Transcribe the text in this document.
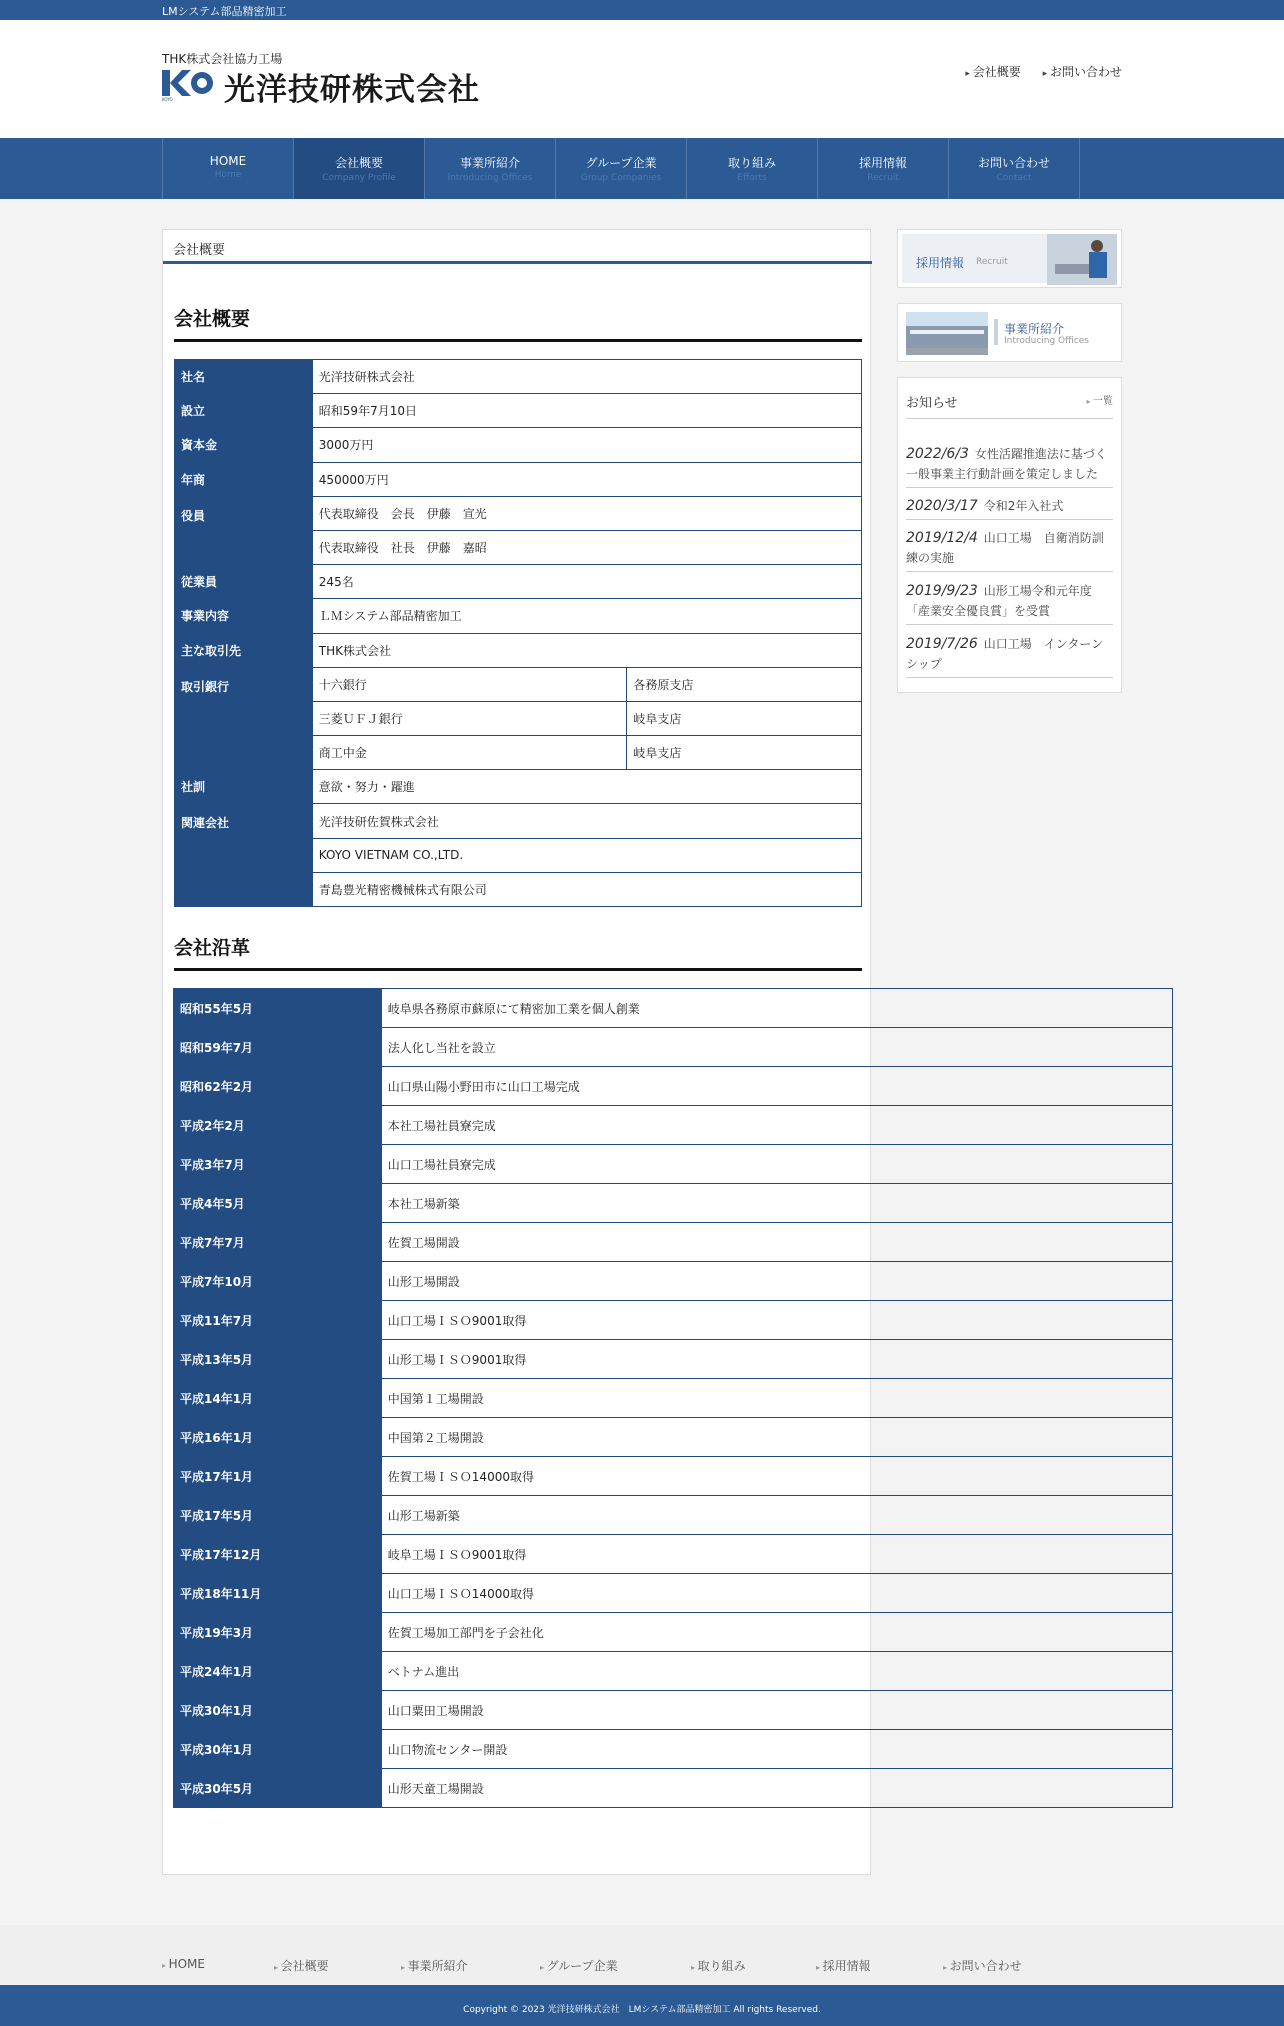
LMシステム部品精密加工
THK株式会社協力工場
KOYO 光洋技研株式会社	▸ 会社概要 ▸ お問い合わせ
HOME
Home
会社概要
Company Profile
事業所紹介
Introducing Offices
グループ企業
Group Companies
取り組み
Efforts
採用情報
Recruit
お問い合わせ
Contact
会社概要
会社概要
社名	光洋技研株式会社	
設立	昭和59年7月10日	
資本金	3000万円	
年商	450000万円	
役員	代表取締役　会長　伊藤　宣光	
	代表取締役　社長　伊藤　嘉昭	
従業員	245名	
事業内容	ＬＭシステム部品精密加工	
主な取引先	THK株式会社	
取引銀行	十六銀行	各務原支店
	三菱ＵＦＪ銀行	岐阜支店
	商工中金	岐阜支店
社訓	意欲・努力・躍進	
関連会社	光洋技研佐賀株式会社	
	KOYO VIETNAM CO.,LTD.	
	青島豊光精密機械株式有限公司	
会社沿革
昭和55年5月	岐阜県各務原市蘇原にて精密加工業を個人創業
昭和59年7月	法人化し当社を設立
昭和62年2月	山口県山陽小野田市に山口工場完成
平成2年2月	本社工場社員寮完成
平成3年7月	山口工場社員寮完成
平成4年5月	本社工場新築
平成7年7月	佐賀工場開設
平成7年10月	山形工場開設
平成11年7月	山口工場ＩＳＯ9001取得
平成13年5月	山形工場ＩＳＯ9001取得
平成14年1月	中国第１工場開設
平成16年1月	中国第２工場開設
平成17年1月	佐賀工場ＩＳＯ14000取得
平成17年5月	山形工場新築
平成17年12月	岐阜工場ＩＳＯ9001取得
平成18年11月	山口工場ＩＳＯ14000取得
平成19年3月	佐賀工場加工部門を子会社化
平成24年1月	ベトナム進出
平成30年1月	山口粟田工場開設
平成30年1月	山口物流センター開設
平成30年5月	山形天童工場開設
採用情報 Recruit
事業所紹介
Introducing Offices
お知らせ	▸ 一覧
2022/6/3 女性活躍推進法に基づく一般事業主行動計画を策定しました
2020/3/17 令和2年入社式
2019/12/4 山口工場　自衛消防訓練の実施
2019/9/23 山形工場令和元年度「産業安全優良賞」を受賞
2019/7/26 山口工場　インターンシップ
▸ HOME	▸ 会社概要	▸ 事業所紹介	▸ グループ企業	▸ 取り組み	▸ 採用情報	▸ お問い合わせ
Copyright © 2023 光洋技研株式会社　LMシステム部品精密加工 All rights Reserved.
